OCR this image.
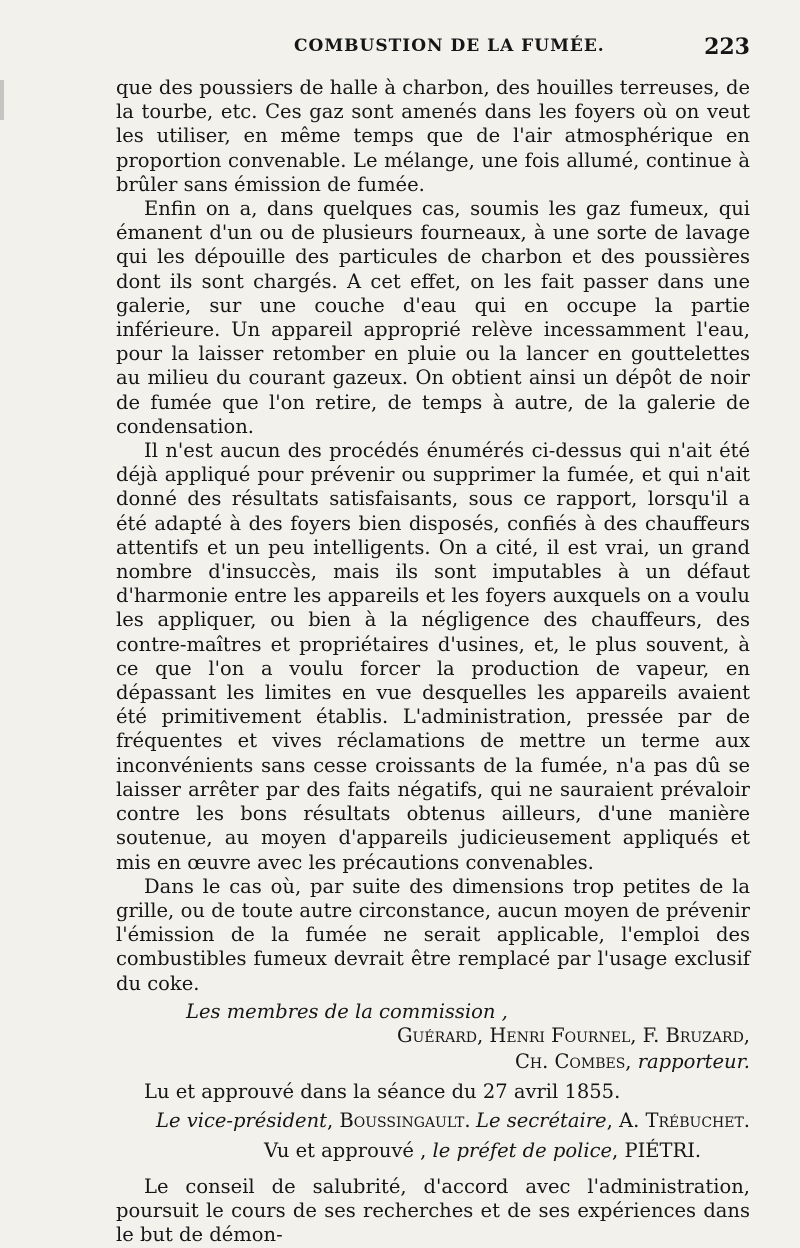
COMBUSTION DE LA FUMÉE.	223

que des poussiers de halle à charbon, des houilles terreuses, de la tourbe, etc. Ces gaz sont amenés dans les foyers où on veut les utiliser, en même temps que de l'air atmosphérique en proportion convenable. Le mélange, une fois allumé, continue à brûler sans émission de fumée.

Enfin on a, dans quelques cas, soumis les gaz fumeux, qui émanent d'un ou de plusieurs fourneaux, à une sorte de lavage qui les dépouille des particules de charbon et des poussières dont ils sont chargés. A cet effet, on les fait passer dans une galerie, sur une couche d'eau qui en occupe la partie inférieure. Un appareil approprié relève incessamment l'eau, pour la laisser retomber en pluie ou la lancer en gouttelettes au milieu du courant gazeux. On obtient ainsi un dépôt de noir de fumée que l'on retire, de temps à autre, de la galerie de condensation.

Il n'est aucun des procédés énumérés ci-dessus qui n'ait été déjà appliqué pour prévenir ou supprimer la fumée, et qui n'ait donné des résultats satisfaisants, sous ce rapport, lorsqu'il a été adapté à des foyers bien disposés, confiés à des chauffeurs attentifs et un peu intelligents. On a cité, il est vrai, un grand nombre d'insuccès, mais ils sont imputables à un défaut d'harmonie entre les appareils et les foyers auxquels on a voulu les appliquer, ou bien à la négligence des chauffeurs, des contre-maîtres et propriétaires d'usines, et, le plus souvent, à ce que l'on a voulu forcer la production de vapeur, en dépassant les limites en vue desquelles les appareils avaient été primitivement établis. L'administration, pressée par de fréquentes et vives réclamations de mettre un terme aux inconvénients sans cesse croissants de la fumée, n'a pas dû se laisser arrêter par des faits négatifs, qui ne sauraient prévaloir contre les bons résultats obtenus ailleurs, d'une manière soutenue, au moyen d'appareils judicieusement appliqués et mis en œuvre avec les précautions convenables.

Dans le cas où, par suite des dimensions trop petites de la grille, ou de toute autre circonstance, aucun moyen de prévenir l'émission de la fumée ne serait applicable, l'emploi des combustibles fumeux devrait être remplacé par l'usage exclusif du coke.

Les membres de la commission ,

Guérard, Henri Fournel, F. Bruzard,

Ch. Combes, rapporteur.

Lu et approuvé dans la séance du 27 avril 1855.

Le vice-président, Boussingault. Le secrétaire, A. Trébuchet.

Vu et approuvé , le préfet de police, PIÉTRI.

Le conseil de salubrité, d'accord avec l'administration, poursuit le cours de ses recherches et de ses expériences dans le but de démon-
